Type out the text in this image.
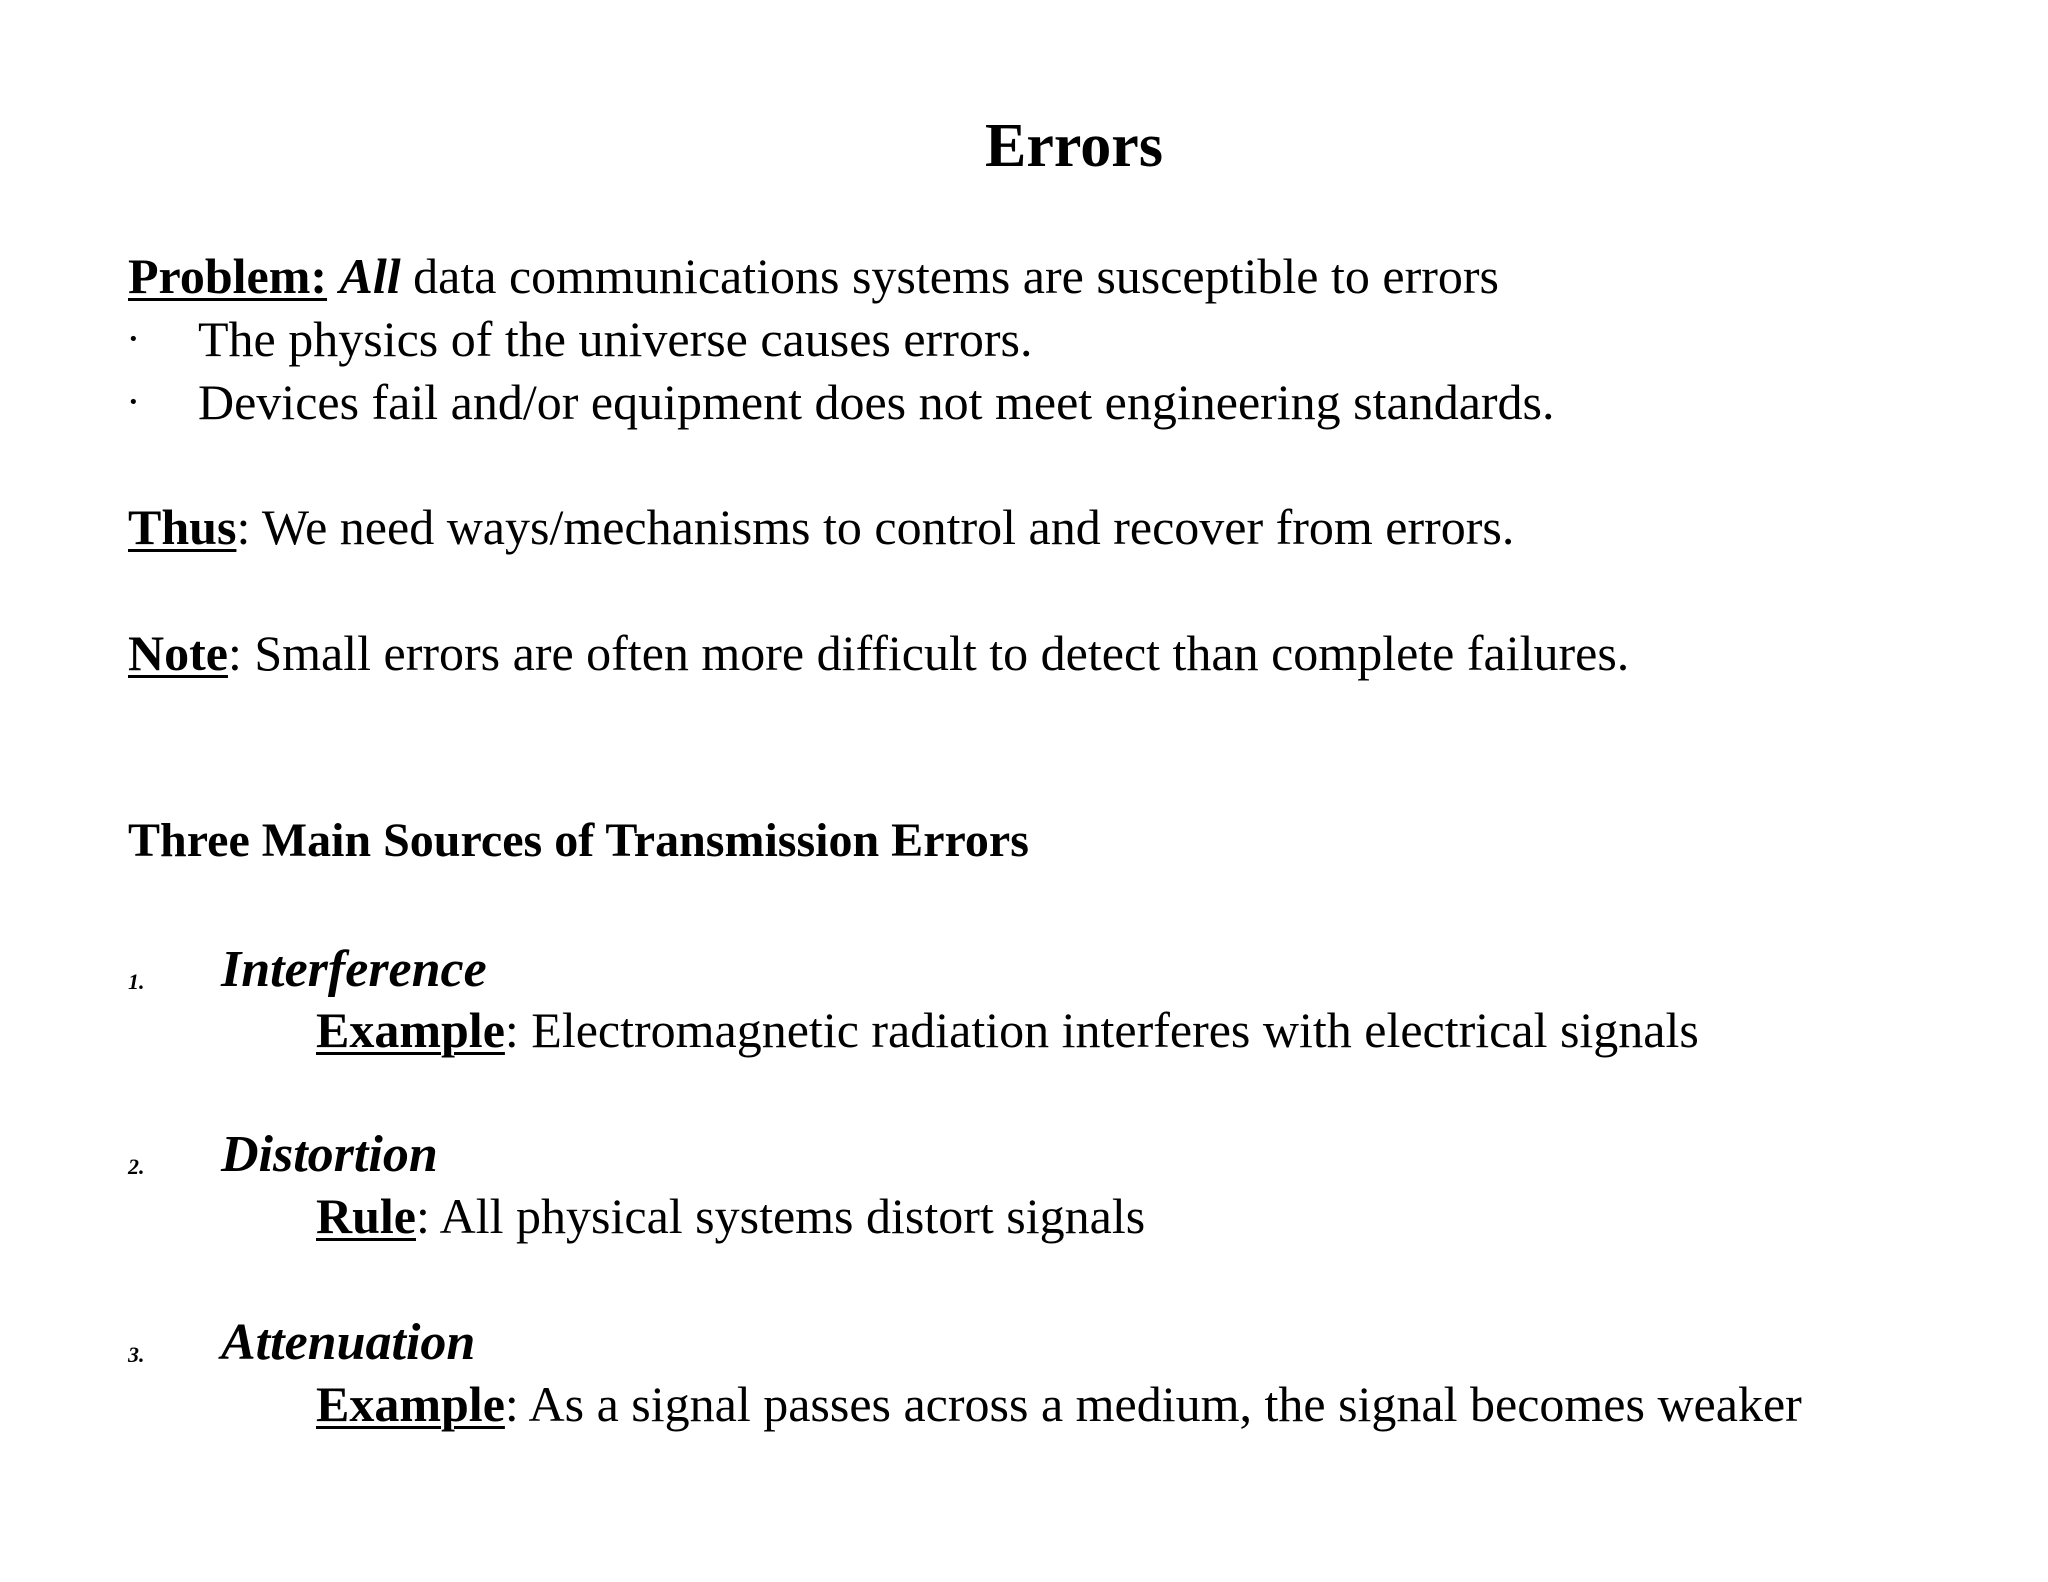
Errors
Problem: All data communications systems are susceptible to errors
· The physics of the universe causes errors.
· Devices fail and/or equipment does not meet engineering standards.
Thus: We need ways/mechanisms to control and recover from errors.
Note: Small errors are often more difficult to detect than complete failures.
Three Main Sources of Transmission Errors
1. Interference
Example: Electromagnetic radiation interferes with electrical signals
2. Distortion
Rule: All physical systems distort signals
3. Attenuation
Example: As a signal passes across a medium, the signal becomes weaker
